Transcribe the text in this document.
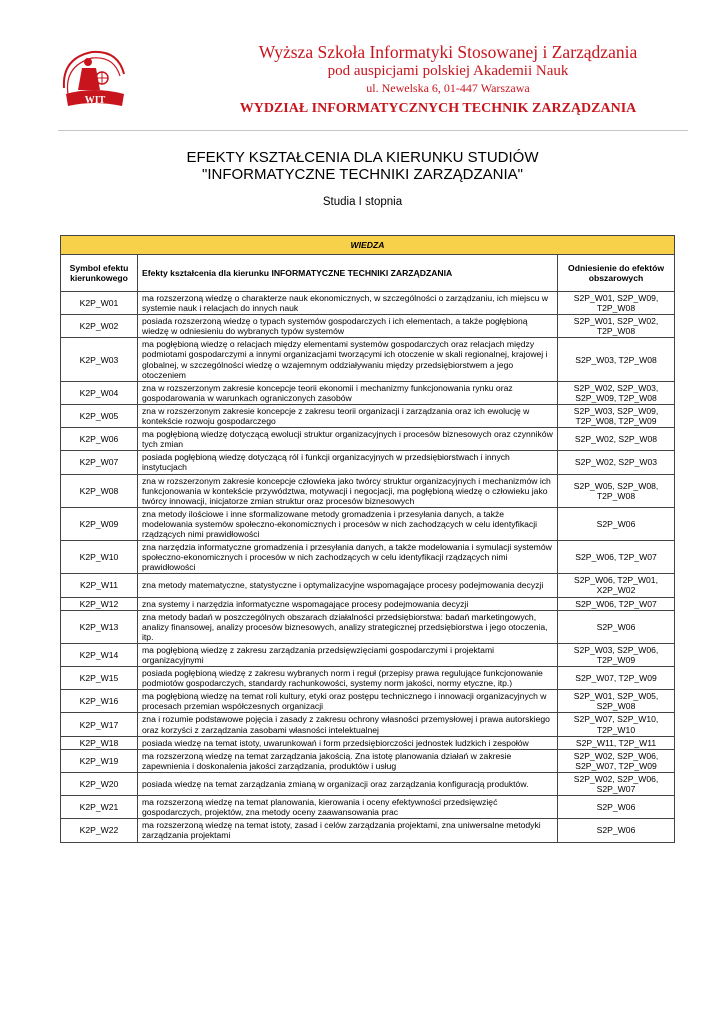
WIT
Wyższa Szkoła Informatyki Stosowanej i Zarządzania
pod auspicjami polskiej Akademii Nauk
ul. Newelska 6, 01-447 Warszawa
WYDZIAŁ INFORMATYCZNYCH TECHNIK ZARZĄDZANIA
EFEKTY KSZTAŁCENIA DLA KIERUNKU STUDIÓW
"INFORMATYCZNE TECHNIKI ZARZĄDZANIA"
Studia I stopnia
WIEDZA		
Symbol efektu kierunkowego	Efekty kształcenia dla kierunku INFORMATYCZNE TECHNIKI ZARZĄDZANIA	Odniesienie do efektów obszarowych
K2P_W01	ma rozszerzoną wiedzę o charakterze nauk ekonomicznych, w szczególności o zarządzaniu, ich miejscu w systemie nauk i relacjach do innych nauk	S2P_W01, S2P_W09, T2P_W08
K2P_W02	posiada rozszerzoną wiedzę o typach systemów gospodarczych i ich elementach, a także pogłębioną wiedzę w odniesieniu do wybranych typów systemów	S2P_W01, S2P_W02, T2P_W08
K2P_W03	ma pogłębioną wiedzę o relacjach między elementami systemów gospodarczych oraz relacjach między podmiotami gospodarczymi a innymi organizacjami tworzącymi ich otoczenie w skali regionalnej, krajowej i globalnej, w szczególności wiedzę o wzajemnym oddziaływaniu między przedsiębiorstwem a jego otoczeniem	S2P_W03, T2P_W08
K2P_W04	zna w rozszerzonym zakresie koncepcje teorii ekonomii i mechanizmy funkcjonowania rynku oraz gospodarowania w warunkach ograniczonych zasobów	S2P_W02, S2P_W03, S2P_W09, T2P_W08
K2P_W05	zna w rozszerzonym zakresie koncepcje z zakresu teorii organizacji i zarządzania oraz ich ewolucję w kontekście rozwoju gospodarczego	S2P_W03, S2P_W09, T2P_W08, T2P_W09
K2P_W06	ma pogłębioną wiedzę dotyczącą ewolucji struktur organizacyjnych i procesów biznesowych oraz czynników tych zmian	S2P_W02, S2P_W08
K2P_W07	posiada pogłębioną wiedzę dotyczącą ról i funkcji organizacyjnych w przedsiębiorstwach i innych instytucjach	S2P_W02, S2P_W03
K2P_W08	zna w rozszerzonym zakresie koncepcje człowieka jako twórcy struktur organizacyjnych i mechanizmów ich funkcjonowania w kontekście przywództwa, motywacji i negocjacji, ma pogłębioną wiedzę o człowieku jako twórcy innowacji, inicjatorze zmian struktur oraz procesów biznesowych	S2P_W05, S2P_W08, T2P_W08
K2P_W09	zna metody ilościowe i inne sformalizowane metody gromadzenia i przesyłania danych, a także modelowania systemów społeczno-ekonomicznych i procesów w nich zachodzących w celu identyfikacji rządzących nimi prawidłowości	S2P_W06
K2P_W10	zna narzędzia informatyczne gromadzenia i przesyłania danych, a także modelowania i symulacji systemów społeczno-ekonomicznych i procesów w nich zachodzących w celu identyfikacji rządzących nimi prawidłowości	S2P_W06, T2P_W07
K2P_W11	zna metody matematyczne, statystyczne i optymalizacyjne wspomagające procesy podejmowania decyzji	S2P_W06, T2P_W01, X2P_W02
K2P_W12	zna systemy i narzędzia informatyczne wspomagające procesy podejmowania decyzji	S2P_W06, T2P_W07
K2P_W13	zna metody badań w poszczególnych obszarach działalności przedsiębiorstwa: badań marketingowych, analizy finansowej, analizy procesów biznesowych, analizy strategicznej przedsiębiorstwa i jego otoczenia, itp.	S2P_W06
K2P_W14	ma pogłębioną wiedzę z zakresu zarządzania przedsięwzięciami gospodarczymi i projektami organizacyjnymi	S2P_W03, S2P_W06, T2P_W09
K2P_W15	posiada pogłębioną wiedzę z zakresu wybranych norm i reguł (przepisy prawa regulujące funkcjonowanie podmiotów gospodarczych, standardy rachunkowości, systemy norm jakości, normy etyczne, itp.)	S2P_W07, T2P_W09
K2P_W16	ma pogłębioną wiedzę na temat roli kultury, etyki oraz postępu technicznego i innowacji organizacyjnych w procesach przemian współczesnych organizacji	S2P_W01, S2P_W05, S2P_W08
K2P_W17	zna i rozumie podstawowe pojęcia i zasady z zakresu ochrony własności przemysłowej i prawa autorskiego oraz korzyści z zarządzania zasobami własności intelektualnej	S2P_W07, S2P_W10, T2P_W10
K2P_W18	posiada wiedzę na temat istoty, uwarunkowań i form przedsiębiorczości jednostek ludzkich i zespołów	S2P_W11, T2P_W11
K2P_W19	ma rozszerzoną wiedzę na temat zarządzania jakością. Zna istotę planowania działań w zakresie zapewnienia i doskonalenia jakości zarządzania, produktów i usług	S2P_W02, S2P_W06, S2P_W07, T2P_W09
K2P_W20	posiada wiedzę na temat zarządzania zmianą w organizacji oraz zarządzania konfiguracją produktów.	S2P_W02, S2P_W06, S2P_W07
K2P_W21	ma rozszerzoną wiedzę na temat planowania, kierowania i oceny efektywności przedsięwzięć gospodarczych, projektów, zna metody oceny zaawansowania prac	S2P_W06
K2P_W22	ma rozszerzoną wiedzę na temat istoty, zasad i celów zarządzania projektami, zna uniwersalne metodyki zarządzania projektami	S2P_W06
